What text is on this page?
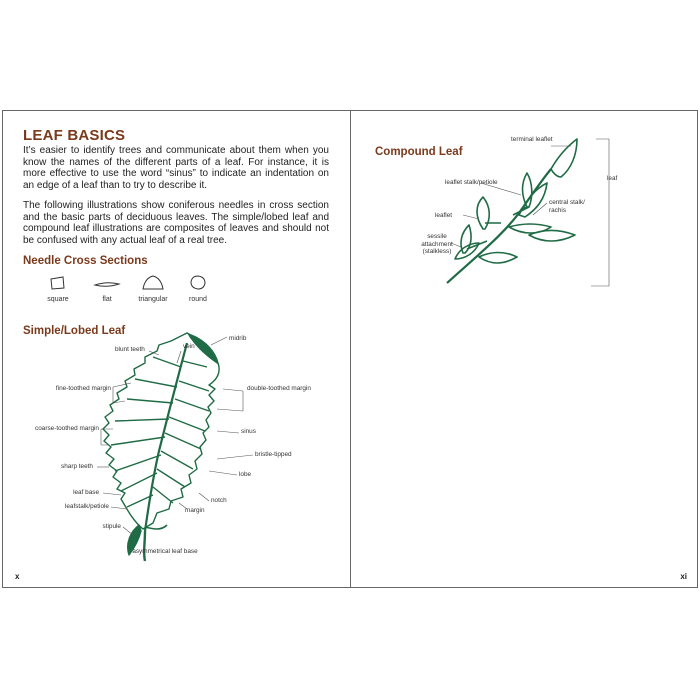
LEAF BASICS

It’s easier to identify trees and communicate about them when you know the names of the different parts of a leaf. For instance, it is more effective to use the word “sinus” to indicate an indentation on an edge of a leaf than to try to describe it.

The following illustrations show coniferous needles in cross section and the basic parts of deciduous leaves. The simple/lobed leaf and compound leaf illustrations are composites of leaves and should not be confused with any actual leaf of a real tree.

Needle Cross Sections
square	flat	triangular	round
Simple/Lobed Leaf
blunt teeth	vein
midrib
fine-toothed margin	double-toothed margin
coarse-toothed margin	sinus
bristle-tipped
sharp teeth
lobe
leaf base
notch
leafstalk/petiole
margin
stipule
asymmetrical leaf base
x
Compound Leaf
terminal leaflet
leaflet stalk/petiole
leaf
central stalk/ rachis
leaflet
sessile attachment (stalkless)
xi
